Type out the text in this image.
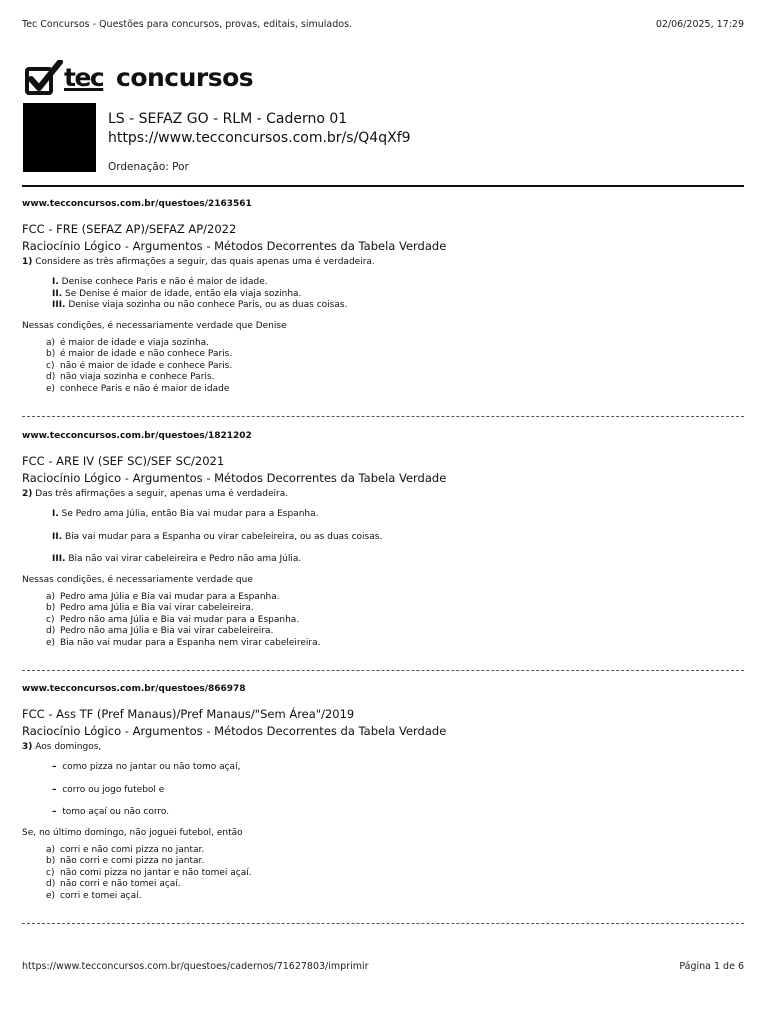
Tec Concursos - Questões para concursos, provas, editais, simulados.	02/06/2025, 17:29
tec concursos
LS - SEFAZ GO - RLM - Caderno 01
https://www.tecconcursos.com.br/s/Q4qXf9
Ordenação: Por
www.tecconcursos.com.br/questoes/2163561
FCC - FRE (SEFAZ AP)/SEFAZ AP/2022
Raciocínio Lógico - Argumentos - Métodos Decorrentes da Tabela Verdade
1) Considere as três afirmações a seguir, das quais apenas uma é verdadeira.
I. Denise conhece Paris e não é maior de idade.
II. Se Denise é maior de idade, então ela viaja sozinha.
III. Denise viaja sozinha ou não conhece Paris, ou as duas coisas.
Nessas condições, é necessariamente verdade que Denise
a) é maior de idade e viaja sozinha.
b) é maior de idade e não conhece Paris.
c) não é maior de idade e conhece Paris.
d) não viaja sozinha e conhece Paris.
e) conhece Paris e não é maior de idade
www.tecconcursos.com.br/questoes/1821202
FCC - ARE IV (SEF SC)/SEF SC/2021
Raciocínio Lógico - Argumentos - Métodos Decorrentes da Tabela Verdade
2) Das três afirmações a seguir, apenas uma é verdadeira.
I. Se Pedro ama Júlia, então Bia vai mudar para a Espanha.
II. Bia vai mudar para a Espanha ou virar cabeleireira, ou as duas coisas.
III. Bia não vai virar cabeleireira e Pedro não ama Júlia.
Nessas condições, é necessariamente verdade que
a) Pedro ama Júlia e Bia vai mudar para a Espanha.
b) Pedro ama Júlia e Bia vai virar cabeleireira.
c) Pedro não ama Júlia e Bia vai mudar para a Espanha.
d) Pedro não ama Júlia e Bia vai virar cabeleireira.
e) Bia não vai mudar para a Espanha nem virar cabeleireira.
www.tecconcursos.com.br/questoes/866978
FCC - Ass TF (Pref Manaus)/Pref Manaus/"Sem Área"/2019
Raciocínio Lógico - Argumentos - Métodos Decorrentes da Tabela Verdade
3) Aos domingos,
– como pizza no jantar ou não tomo açaí,
– corro ou jogo futebol e
– tomo açaí ou não corro.
Se, no último domingo, não joguei futebol, então
a) corri e não comi pizza no jantar.
b) não corri e comi pizza no jantar.
c) não comi pizza no jantar e não tomei açaí.
d) não corri e não tomei açaí.
e) corri e tomei açaí.
https://www.tecconcursos.com.br/questoes/cadernos/71627803/imprimir	Página 1 de 6
